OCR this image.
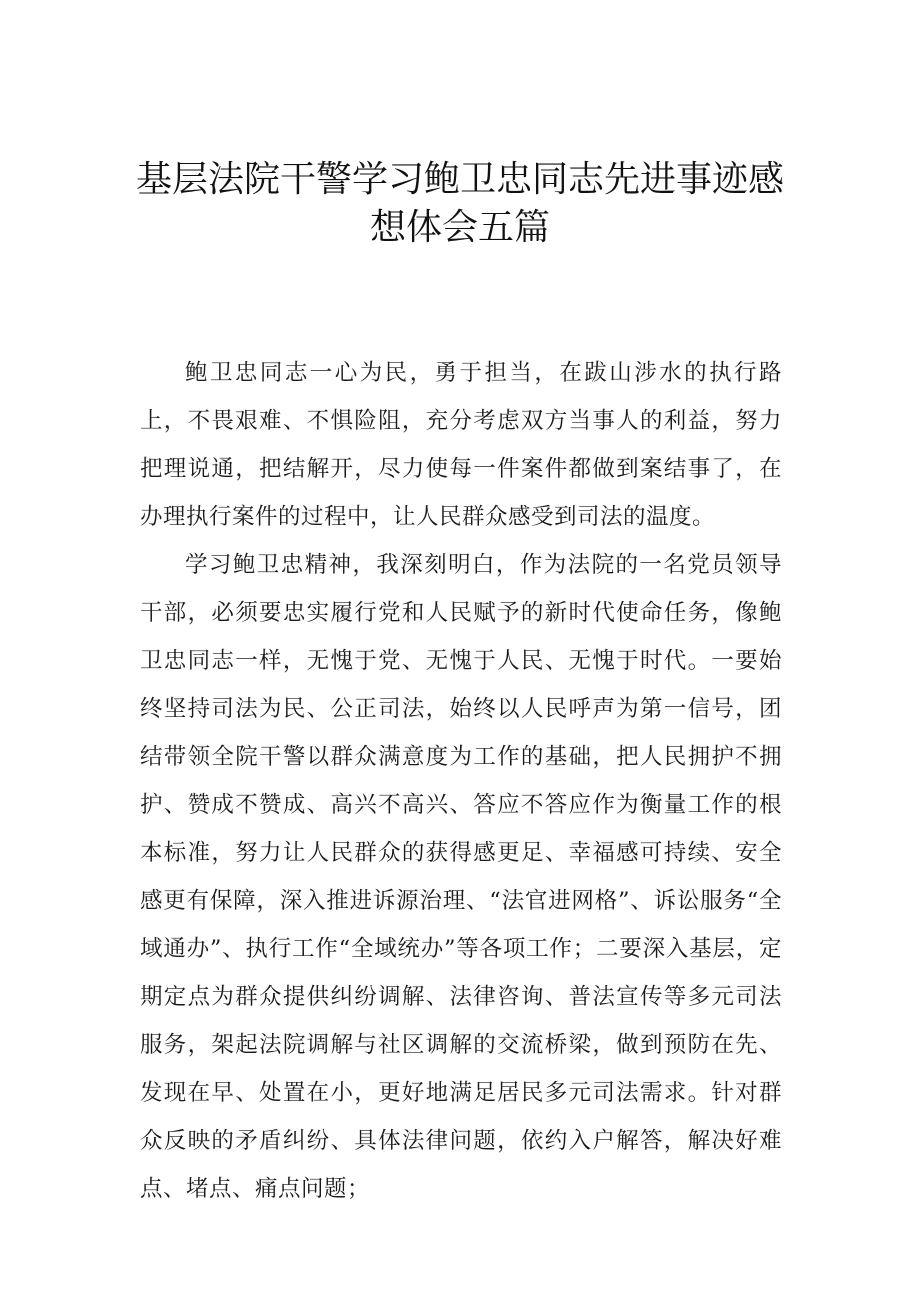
基层法院干警学习鲍卫忠同志先进事迹感
想体会五篇

鲍卫忠同志一心为民，勇于担当，在跋山涉水的执行路上，不畏艰难、不惧险阻，充分考虑双方当事人的利益，努力把理说通，把结解开，尽力使每一件案件都做到案结事了，在办理执行案件的过程中，让人民群众感受到司法的温度。

学习鲍卫忠精神，我深刻明白，作为法院的一名党员领导干部，必须要忠实履行党和人民赋予的新时代使命任务，像鲍卫忠同志一样，无愧于党、无愧于人民、无愧于时代。一要始终坚持司法为民、公正司法，始终以人民呼声为第一信号，团结带领全院干警以群众满意度为工作的基础，把人民拥护不拥护、赞成不赞成、高兴不高兴、答应不答应作为衡量工作的根本标准，努力让人民群众的获得感更足、幸福感可持续、安全感更有保障，深入推进诉源治理、“法官进网格”、诉讼服务“全域通办”、执行工作“全域统办”等各项工作；二要深入基层，定期定点为群众提供纠纷调解、法律咨询、普法宣传等多元司法服务，架起法院调解与社区调解的交流桥梁，做到预防在先、发现在早、处置在小，更好地满足居民多元司法需求。针对群众反映的矛盾纠纷、具体法律问题，依约入户解答，解决好难点、堵点、痛点问题；
